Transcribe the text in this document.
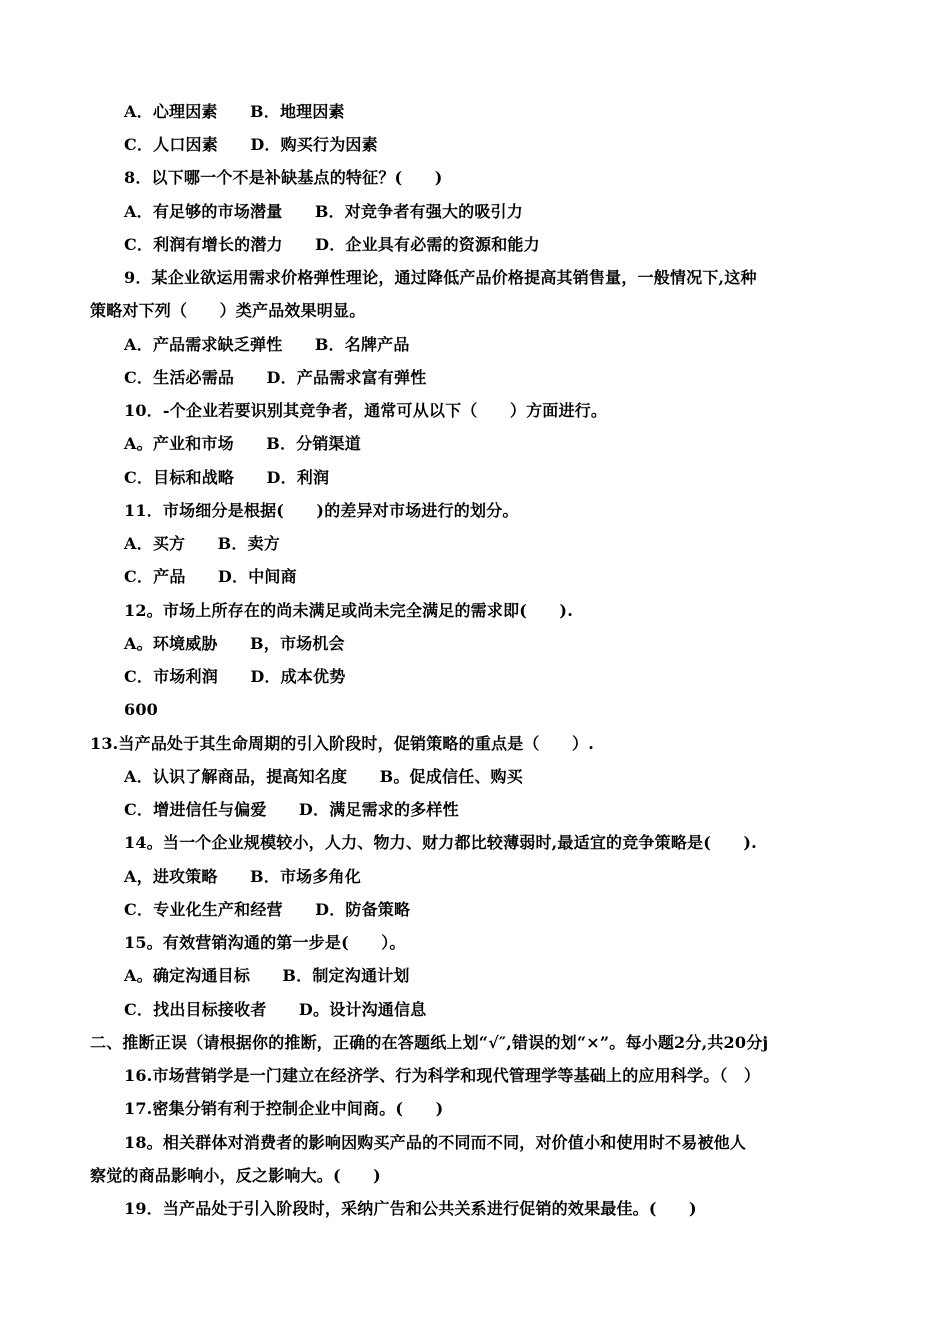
A．心理因素　　B．地理因素
C．人口因素　　D．购买行为因素
8．以下哪一个不是补缺基点的特征？(　　)
A．有足够的市场潜量　　B．对竞争者有强大的吸引力
C．利润有增长的潜力　　D．企业具有必需的资源和能力
9．某企业欲运用需求价格弹性理论，通过降低产品价格提高其销售量，一般情况下,这种
策略对下列（　　）类产品效果明显。
A．产品需求缺乏弹性　　B．名牌产品
C．生活必需品　　D．产品需求富有弹性
10．-个企业若要识别其竞争者，通常可从以下（　　）方面进行。
A。产业和市场　　B．分销渠道
C．目标和战略　　D．利润
11．市场细分是根据(　　)的差异对市场进行的划分。
A．买方　　B．卖方
C．产品　　D．中间商
12。市场上所存在的尚未满足或尚未完全满足的需求即(　　).
A。环境威胁　　B，市场机会
C．市场利润　　D．成本优势
600
13.当产品处于其生命周期的引入阶段时，促销策略的重点是（　　）.
A．认识了解商品，提高知名度　　B。促成信任、购买
C．增进信任与偏爱　　D．满足需求的多样性
14。当一个企业规模较小，人力、物力、财力都比较薄弱时,最适宜的竞争策略是(　　).
A，进攻策略　　B．市场多角化
C．专业化生产和经营　　D．防备策略
15。有效营销沟通的第一步是(　　）。
A。确定沟通目标　　B．制定沟通计划
C．找出目标接收者　　D。设计沟通信息
二、推断正误（请根据你的推断，正确的在答题纸上划“√″,错误的划“×”。每小题2分,共20分j
16.市场营销学是一门建立在经济学、行为科学和现代管理学等基础上的应用科学。（　）
17.密集分销有利于控制企业中间商。(　　)
18。相关群体对消费者的影响因购买产品的不同而不同，对价值小和使用时不易被他人
察觉的商品影响小，反之影响大。(　　)
19．当产品处于引入阶段时，采纳广告和公共关系进行促销的效果最佳。(　　)
